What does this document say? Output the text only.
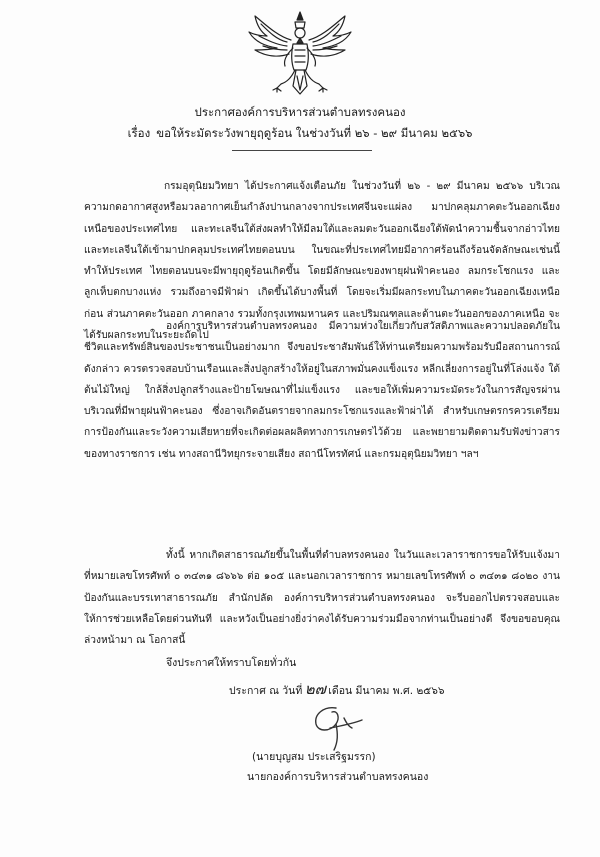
ประกาศองค์การบริหารส่วนตำบลทรงคนอง
เรื่อง ขอให้ระมัดระวังพายุฤดูร้อน ในช่วงวันที่ ๒๖ - ๒๙ มีนาคม ๒๕๖๖

กรมอุตุนิยมวิทยา ได้ประกาศแจ้งเตือนภัย ในช่วงวันที่ ๒๖ - ๒๙ มีนาคม ๒๕๖๖ บริเวณความกดอากาศสูงหรือมวลอากาศเย็นกำลังปานกลางจากประเทศจีนจะแผ่ลง มาปกคลุมภาคตะวันออกเฉียงเหนือของประเทศไทย และทะเลจีนใต้ส่งผลทำให้มีลมใต้และลมตะวันออกเฉียงใต้พัดนำความชื้นจากอ่าวไทยและทะเลจีนใต้เข้ามาปกคลุมประเทศไทยตอนบน ในขณะที่ประเทศไทยมีอากาศร้อนถึงร้อนจัดลักษณะเช่นนี้ทำให้ประเทศ ไทยตอนบนจะมีพายุฤดูร้อนเกิดขึ้น โดยมีลักษณะของพายุฝนฟ้าคะนอง ลมกระโชกแรง และลูกเห็บตกบางแห่ง รวมถึงอาจมีฟ้าผ่า เกิดขึ้นได้บางพื้นที่ โดยจะเริ่มมีผลกระทบในภาคตะวันออกเฉียงเหนือก่อน ส่วนภาคตะวันออก ภาคกลาง รวมทั้งกรุงเทพมหานคร และปริมณฑลและด้านตะวันออกของภาคเหนือ จะได้รับผลกระทบในระยะถัดไป

องค์การบริหารส่วนตำบลทรงคนอง มีความห่วงใยเกี่ยวกับสวัสดิภาพและความปลอดภัยในชีวิตและทรัพย์สินของประชาชนเป็นอย่างมาก จึงขอประชาสัมพันธ์ให้ท่านเตรียมความพร้อมรับมือสถานการณ์ดังกล่าว ควรตรวจสอบบ้านเรือนและสิ่งปลูกสร้างให้อยู่ในสภาพมั่นคงแข็งแรง หลีกเลี่ยงการอยู่ในที่โล่งแจ้ง ใต้ต้นไม้ใหญ่ ใกล้สิ่งปลูกสร้างและป้ายโฆษณาที่ไม่แข็งแรง และขอให้เพิ่มความระมัดระวังในการสัญจรผ่านบริเวณที่มีพายุฝนฟ้าคะนอง ซึ่งอาจเกิดอันตรายจากลมกระโชกแรงและฟ้าผ่าได้ สำหรับเกษตรกรควรเตรียมการป้องกันและระวังความเสียหายที่จะเกิดต่อผลผลิตทางการเกษตรไว้ด้วย และพยายามติดตามรับฟังข่าวสารของทางราชการ เช่น ทางสถานีวิทยุกระจายเสียง สถานีโทรทัศน์ และกรมอุตุนิยมวิทยา ฯลฯ

ทั้งนี้ หากเกิดสาธารณภัยขึ้นในพื้นที่ตำบลทรงคนอง ในวันและเวลาราชการขอให้รับแจ้งมาที่หมายเลขโทรศัพท์ ๐ ๓๔๓๑ ๘๖๖๖ ต่อ ๑๐๕ และนอกเวลาราชการ หมายเลขโทรศัพท์ ๐ ๓๔๓๑ ๘๐๒๐ งานป้องกันและบรรเทาสาธารณภัย สำนักปลัด องค์การบริหารส่วนตำบลทรงคนอง จะรีบออกไปตรวจสอบและให้การช่วยเหลือโดยด่วนทันที และหวังเป็นอย่างยิ่งว่าคงได้รับความร่วมมือจากท่านเป็นอย่างดี จึงขอขอบคุณล่วงหน้ามา ณ โอกาสนี้

จึงประกาศให้ทราบโดยทั่วกัน
ประกาศ ณ วันที่ ๒๗ เดือน มีนาคม พ.ศ. ๒๕๖๖
(นายบุญสม ประเสริฐมรรก)
นายกองค์การบริหารส่วนตำบลทรงคนอง
